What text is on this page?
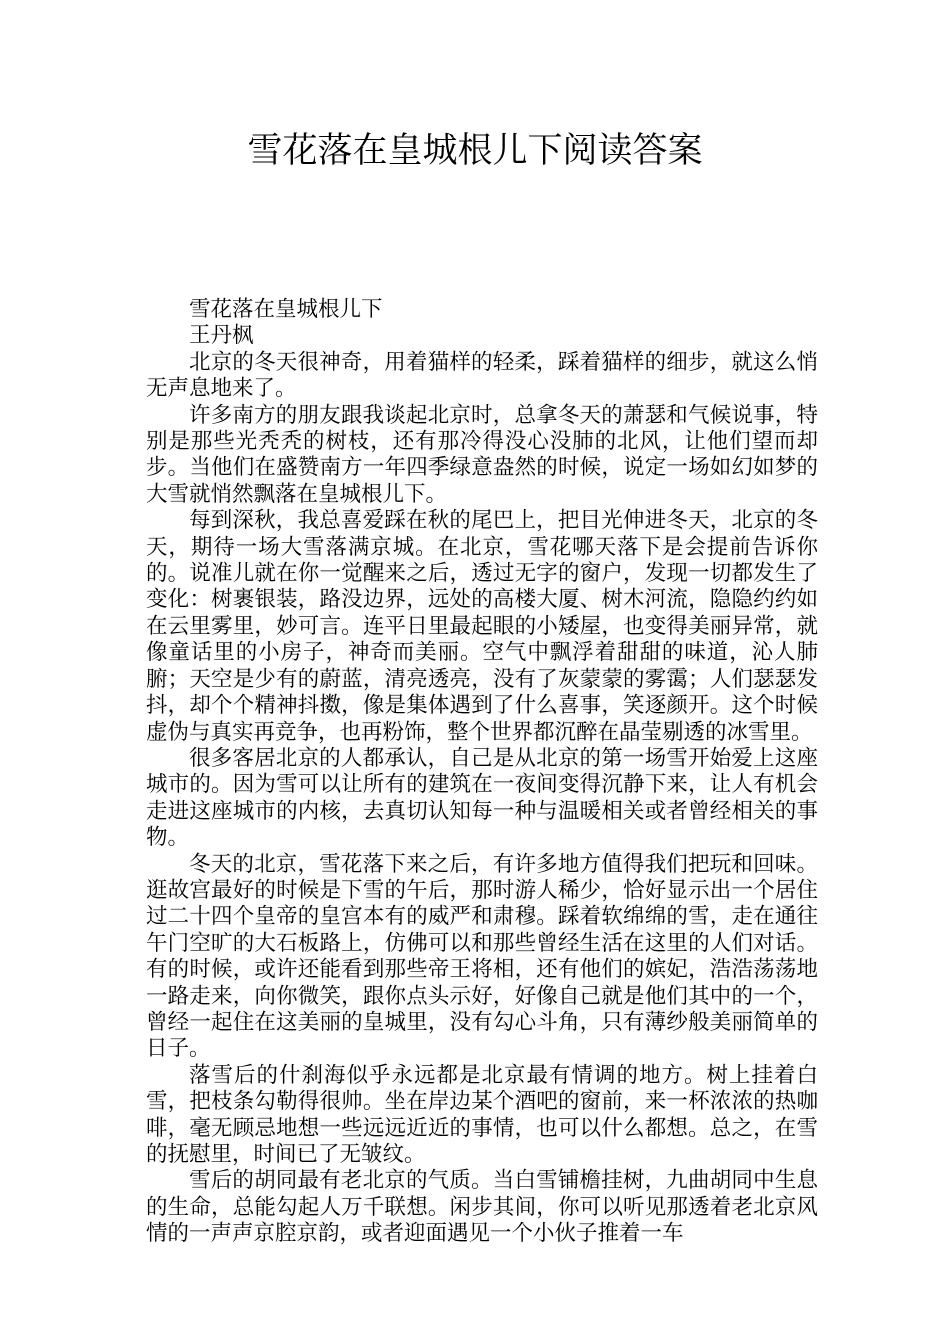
雪花落在皇城根儿下阅读答案

雪花落在皇城根儿下

王丹枫

北京的冬天很神奇，用着猫样的轻柔，踩着猫样的细步，就这么悄无声息地来了。

许多南方的朋友跟我谈起北京时，总拿冬天的萧瑟和气候说事，特别是那些光秃秃的树枝，还有那冷得没心没肺的北风，让他们望而却步。当他们在盛赞南方一年四季绿意盎然的时候，说定一场如幻如梦的大雪就悄然飘落在皇城根儿下。

每到深秋，我总喜爱踩在秋的尾巴上，把目光伸进冬天，北京的冬天，期待一场大雪落满京城。在北京，雪花哪天落下是会提前告诉你的。说准儿就在你一觉醒来之后，透过无字的窗户，发现一切都发生了变化：树裹银装，路没边界，远处的高楼大厦、树木河流，隐隐约约如在云里雾里，妙可言。连平日里最起眼的小矮屋，也变得美丽异常，就像童话里的小房子，神奇而美丽。空气中飘浮着甜甜的味道，沁人肺腑；天空是少有的蔚蓝，清亮透亮，没有了灰蒙蒙的雾霭；人们瑟瑟发抖，却个个精神抖擞，像是集体遇到了什么喜事，笑逐颜开。这个时候虚伪与真实再竞争，也再粉饰，整个世界都沉醉在晶莹剔透的冰雪里。

很多客居北京的人都承认，自己是从北京的第一场雪开始爱上这座城市的。因为雪可以让所有的建筑在一夜间变得沉静下来，让人有机会走进这座城市的内核，去真切认知每一种与温暖相关或者曾经相关的事物。

冬天的北京，雪花落下来之后，有许多地方值得我们把玩和回味。逛故宫最好的时候是下雪的午后，那时游人稀少，恰好显示出一个居住过二十四个皇帝的皇宫本有的威严和肃穆。踩着软绵绵的雪，走在通往午门空旷的大石板路上，仿佛可以和那些曾经生活在这里的人们对话。有的时候，或许还能看到那些帝王将相，还有他们的嫔妃，浩浩荡荡地一路走来，向你微笑，跟你点头示好，好像自己就是他们其中的一个，曾经一起住在这美丽的皇城里，没有勾心斗角，只有薄纱般美丽简单的日子。

落雪后的什刹海似乎永远都是北京最有情调的地方。树上挂着白雪，把枝条勾勒得很帅。坐在岸边某个酒吧的窗前，来一杯浓浓的热咖啡，毫无顾忌地想一些远远近近的事情，也可以什么都想。总之，在雪的抚慰里，时间已了无皱纹。

雪后的胡同最有老北京的气质。当白雪铺檐挂树，九曲胡同中生息的生命，总能勾起人万千联想。闲步其间，你可以听见那透着老北京风情的一声声京腔京韵，或者迎面遇见一个小伙子推着一车
